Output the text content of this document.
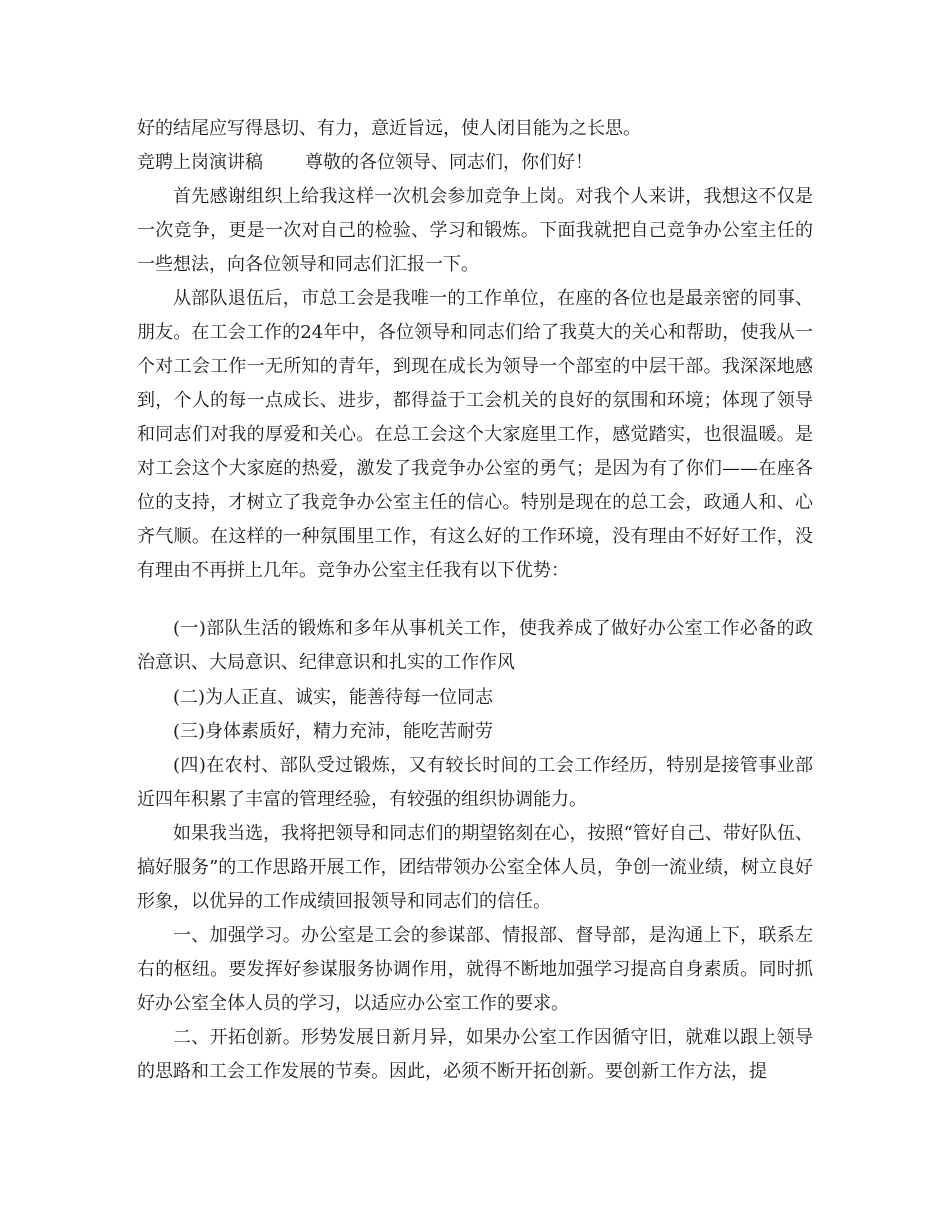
好的结尾应写得恳切、有力，意近旨远，使人闭目能为之长思。

竞聘上岗演讲稿 尊敬的各位领导、同志们，你们好！

首先感谢组织上给我这样一次机会参加竞争上岗。对我个人来讲，我想这不仅是一次竞争，更是一次对自己的检验、学习和锻炼。下面我就把自己竞争办公室主任的一些想法，向各位领导和同志们汇报一下。

从部队退伍后，市总工会是我唯一的工作单位，在座的各位也是最亲密的同事、朋友。在工会工作的24年中，各位领导和同志们给了我莫大的关心和帮助，使我从一个对工会工作一无所知的青年，到现在成长为领导一个部室的中层干部。我深深地感到，个人的每一点成长、进步，都得益于工会机关的良好的氛围和环境；体现了领导和同志们对我的厚爱和关心。在总工会这个大家庭里工作，感觉踏实，也很温暖。是对工会这个大家庭的热爱，激发了我竞争办公室的勇气；是因为有了你们——在座各位的支持，才树立了我竞争办公室主任的信心。特别是现在的总工会，政通人和、心齐气顺。在这样的一种氛围里工作，有这么好的工作环境，没有理由不好好工作，没有理由不再拼上几年。竞争办公室主任我有以下优势：

(一)部队生活的锻炼和多年从事机关工作，使我养成了做好办公室工作必备的政治意识、大局意识、纪律意识和扎实的工作作风

(二)为人正直、诚实，能善待每一位同志

(三)身体素质好，精力充沛，能吃苦耐劳

(四)在农村、部队受过锻炼，又有较长时间的工会工作经历，特别是接管事业部近四年积累了丰富的管理经验，有较强的组织协调能力。

如果我当选，我将把领导和同志们的期望铭刻在心，按照“管好自己、带好队伍、搞好服务”的工作思路开展工作，团结带领办公室全体人员，争创一流业绩，树立良好形象，以优异的工作成绩回报领导和同志们的信任。

一、加强学习。办公室是工会的参谋部、情报部、督导部，是沟通上下，联系左右的枢纽。要发挥好参谋服务协调作用，就得不断地加强学习提高自身素质。同时抓好办公室全体人员的学习，以适应办公室工作的要求。

二、开拓创新。形势发展日新月异，如果办公室工作因循守旧，就难以跟上领导的思路和工会工作发展的节奏。因此，必须不断开拓创新。要创新工作方法，提
